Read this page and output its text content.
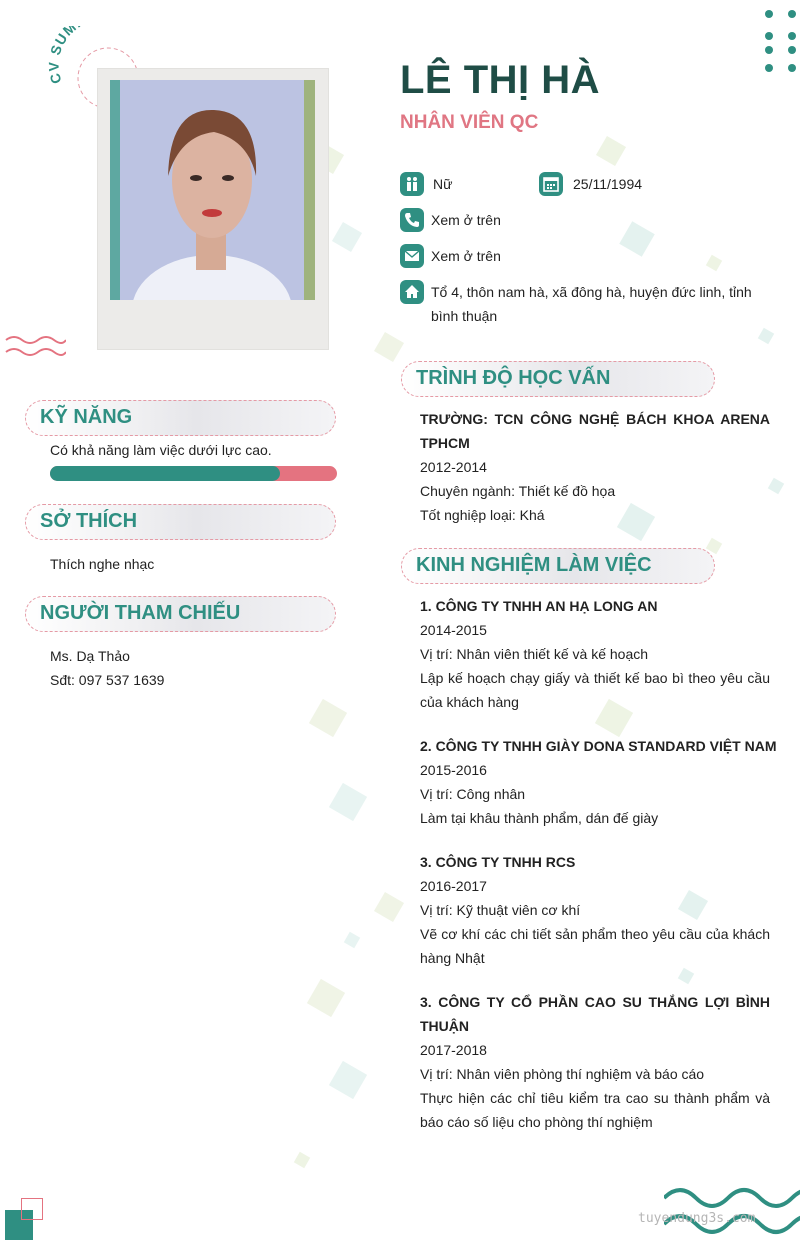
C SUM
LÊ THỊ HÀ
NHÂN VIÊN QC
Nữ	25/11/1994
Xem ở trên
Xem ở trên
Tổ 4, thôn nam hà, xã đông hà, huyện đức linh, tỉnh
bình thuận
KỸ NĂNG
Có khả năng làm việc dưới lực cao.
SỞ THÍCH
Thích nghe nhạc
NGƯỜI THAM CHIẾU
Ms. Dạ Thảo
Sđt: 097 537 1639
TRÌNH ĐỘ HỌC VẤN
TRƯỜNG: TCN CÔNG NGHỆ BÁCH KHOA ARENA
TPHCM
2012-2014
Chuyên ngành: Thiết kế đồ họa
Tốt nghiệp loại: Khá
KINH NGHIỆM LÀM VIỆC
1. CÔNG TY TNHH AN HẠ LONG AN
2014-2015
Vị trí: Nhân viên thiết kế và kế hoạch
Lập kế hoạch chạy giấy và thiết kế bao bì theo yêu cầu
của khách hàng
2. CÔNG TY TNHH GIÀY DONA STANDARD VIỆT NAM
2015-2016
Vị trí: Công nhân
Làm tại khâu thành phẩm, dán đế giày
3. CÔNG TY TNHH RCS
2016-2017
Vị trí: Kỹ thuật viên cơ khí
Vẽ cơ khí các chi tiết sản phẩm theo yêu cầu của khách
hàng Nhật
3. CÔNG TY CỔ PHẦN CAO SU THẮNG LỢI BÌNH
THUẬN
2017-2018
Vị trí: Nhân viên phòng thí nghiệm và báo cáo
Thực hiện các chỉ tiêu kiểm tra cao su thành phẩm và
báo cáo số liệu cho phòng thí nghiệm
tuyendung3s.com
